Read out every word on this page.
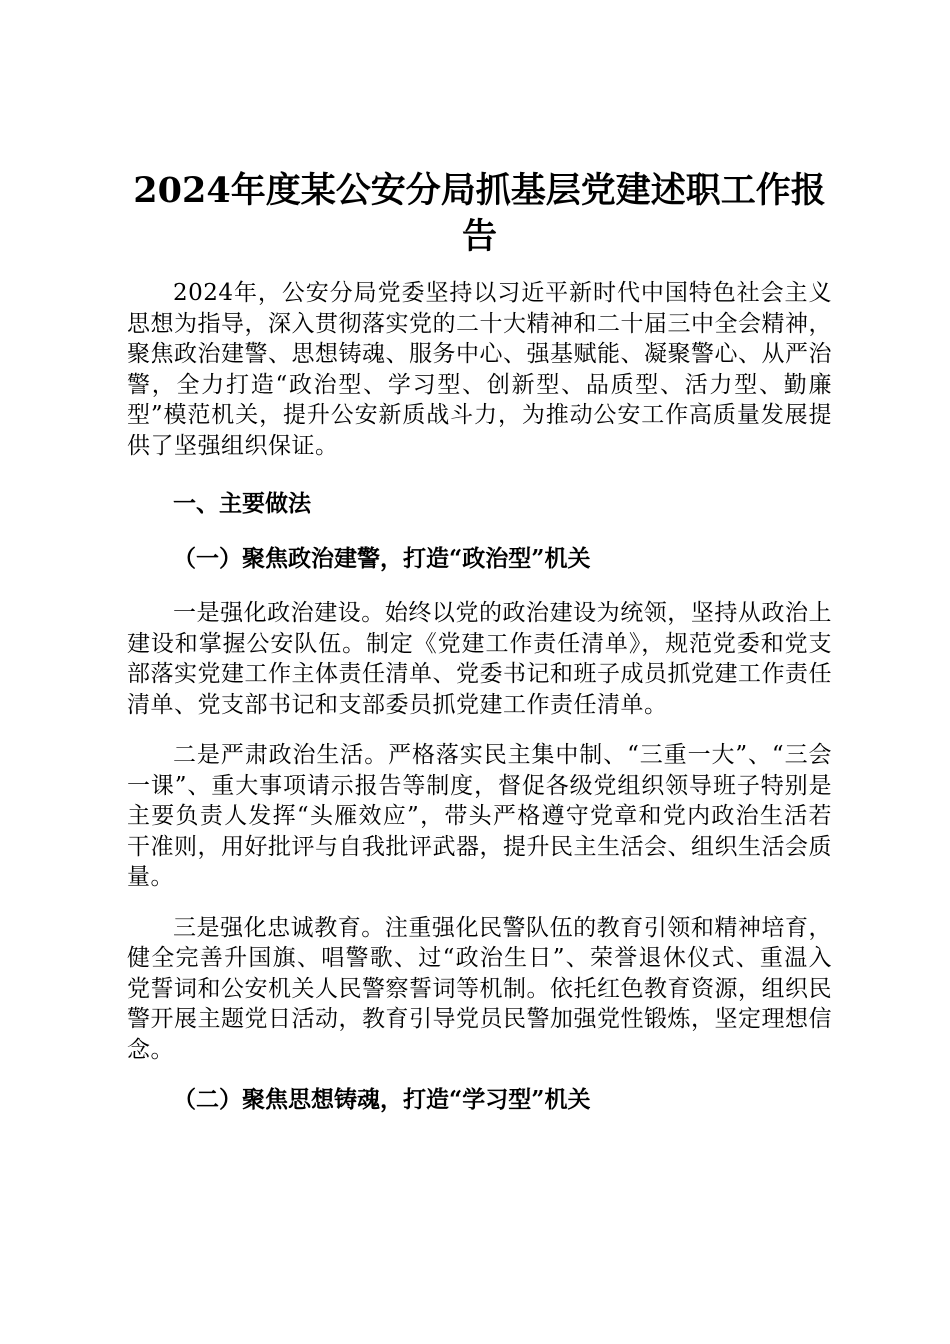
2024年度某公安分局抓基层党建述职工作报告

2024年，公安分局党委坚持以习近平新时代中国特色社会主义思想为指导，深入贯彻落实党的二十大精神和二十届三中全会精神，聚焦政治建警、思想铸魂、服务中心、强基赋能、凝聚警心、从严治警，全力打造“政治型、学习型、创新型、品质型、活力型、勤廉型”模范机关，提升公安新质战斗力，为推动公安工作高质量发展提供了坚强组织保证。

一、主要做法

（一）聚焦政治建警，打造“政治型”机关

一是强化政治建设。始终以党的政治建设为统领，坚持从政治上建设和掌握公安队伍。制定《党建工作责任清单》，规范党委和党支部落实党建工作主体责任清单、党委书记和班子成员抓党建工作责任清单、党支部书记和支部委员抓党建工作责任清单。

二是严肃政治生活。严格落实民主集中制、“三重一大”、“三会一课”、重大事项请示报告等制度，督促各级党组织领导班子特别是主要负责人发挥“头雁效应”，带头严格遵守党章和党内政治生活若干准则，用好批评与自我批评武器，提升民主生活会、组织生活会质量。

三是强化忠诚教育。注重强化民警队伍的教育引领和精神培育，健全完善升国旗、唱警歌、过“政治生日”、荣誉退休仪式、重温入党誓词和公安机关人民警察誓词等机制。依托红色教育资源，组织民警开展主题党日活动，教育引导党员民警加强党性锻炼，坚定理想信念。

（二）聚焦思想铸魂，打造“学习型”机关
